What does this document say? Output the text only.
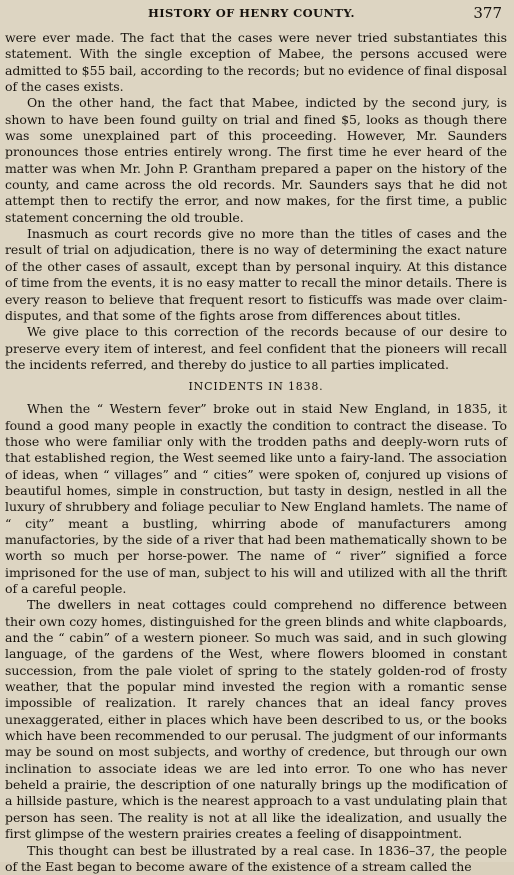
HISTORY OF HENRY COUNTY.	377

were ever made. The fact that the cases were never tried substantiates this statement. With the single exception of Mabee, the persons accused were admitted to $55 bail, according to the records; but no evidence of final disposal of the cases exists.

On the other hand, the fact that Mabee, indicted by the second jury, is shown to have been found guilty on trial and fined $5, looks as though there was some unexplained part of this proceeding. However, Mr. Saunders pronounces those entries entirely wrong. The first time he ever heard of the matter was when Mr. John P. Grantham prepared a paper on the history of the county, and came across the old records. Mr. Saunders says that he did not attempt then to rectify the error, and now makes, for the first time, a public statement concerning the old trouble.

Inasmuch as court records give no more than the titles of cases and the result of trial on adjudication, there is no way of determining the exact nature of the other cases of assault, except than by personal inquiry. At this distance of time from the events, it is no easy matter to recall the minor details. There is every reason to believe that frequent resort to fisticuffs was made over claim-disputes, and that some of the fights arose from differences about titles.

We give place to this correction of the records because of our desire to preserve every item of interest, and feel confident that the pioneers will recall the incidents referred, and thereby do justice to all parties implicated.

INCIDENTS IN 1838.

When the “ Western fever” broke out in staid New England, in 1835, it found a good many people in exactly the condition to contract the disease. To those who were familiar only with the trodden paths and deeply-worn ruts of that established region, the West seemed like unto a fairy-land. The association of ideas, when “ villages” and “ cities” were spoken of, conjured up visions of beautiful homes, simple in construction, but tasty in design, nestled in all the luxury of shrubbery and foliage peculiar to New England hamlets. The name of “ city” meant a bustling, whirring abode of manufacturers among manufactories, by the side of a river that had been mathematically shown to be worth so much per horse-power. The name of “ river” signified a force imprisoned for the use of man, subject to his will and utilized with all the thrift of a careful people.

The dwellers in neat cottages could comprehend no difference between their own cozy homes, distinguished for the green blinds and white clapboards, and the “ cabin” of a western pioneer. So much was said, and in such glowing language, of the gardens of the West, where flowers bloomed in constant succession, from the pale violet of spring to the stately golden-rod of frosty weather, that the popular mind invested the region with a romantic sense impossible of realization. It rarely chances that an ideal fancy proves unexaggerated, either in places which have been described to us, or the books which have been recommended to our perusal. The judgment of our informants may be sound on most subjects, and worthy of credence, but through our own inclination to associate ideas we are led into error. To one who has never beheld a prairie, the description of one naturally brings up the modification of a hillside pasture, which is the nearest approach to a vast undulating plain that person has seen. The reality is not at all like the idealization, and usually the first glimpse of the western prairies creates a feeling of disappointment.

This thought can best be illustrated by a real case. In 1836–37, the people of the East began to become aware of the existence of a stream called the
